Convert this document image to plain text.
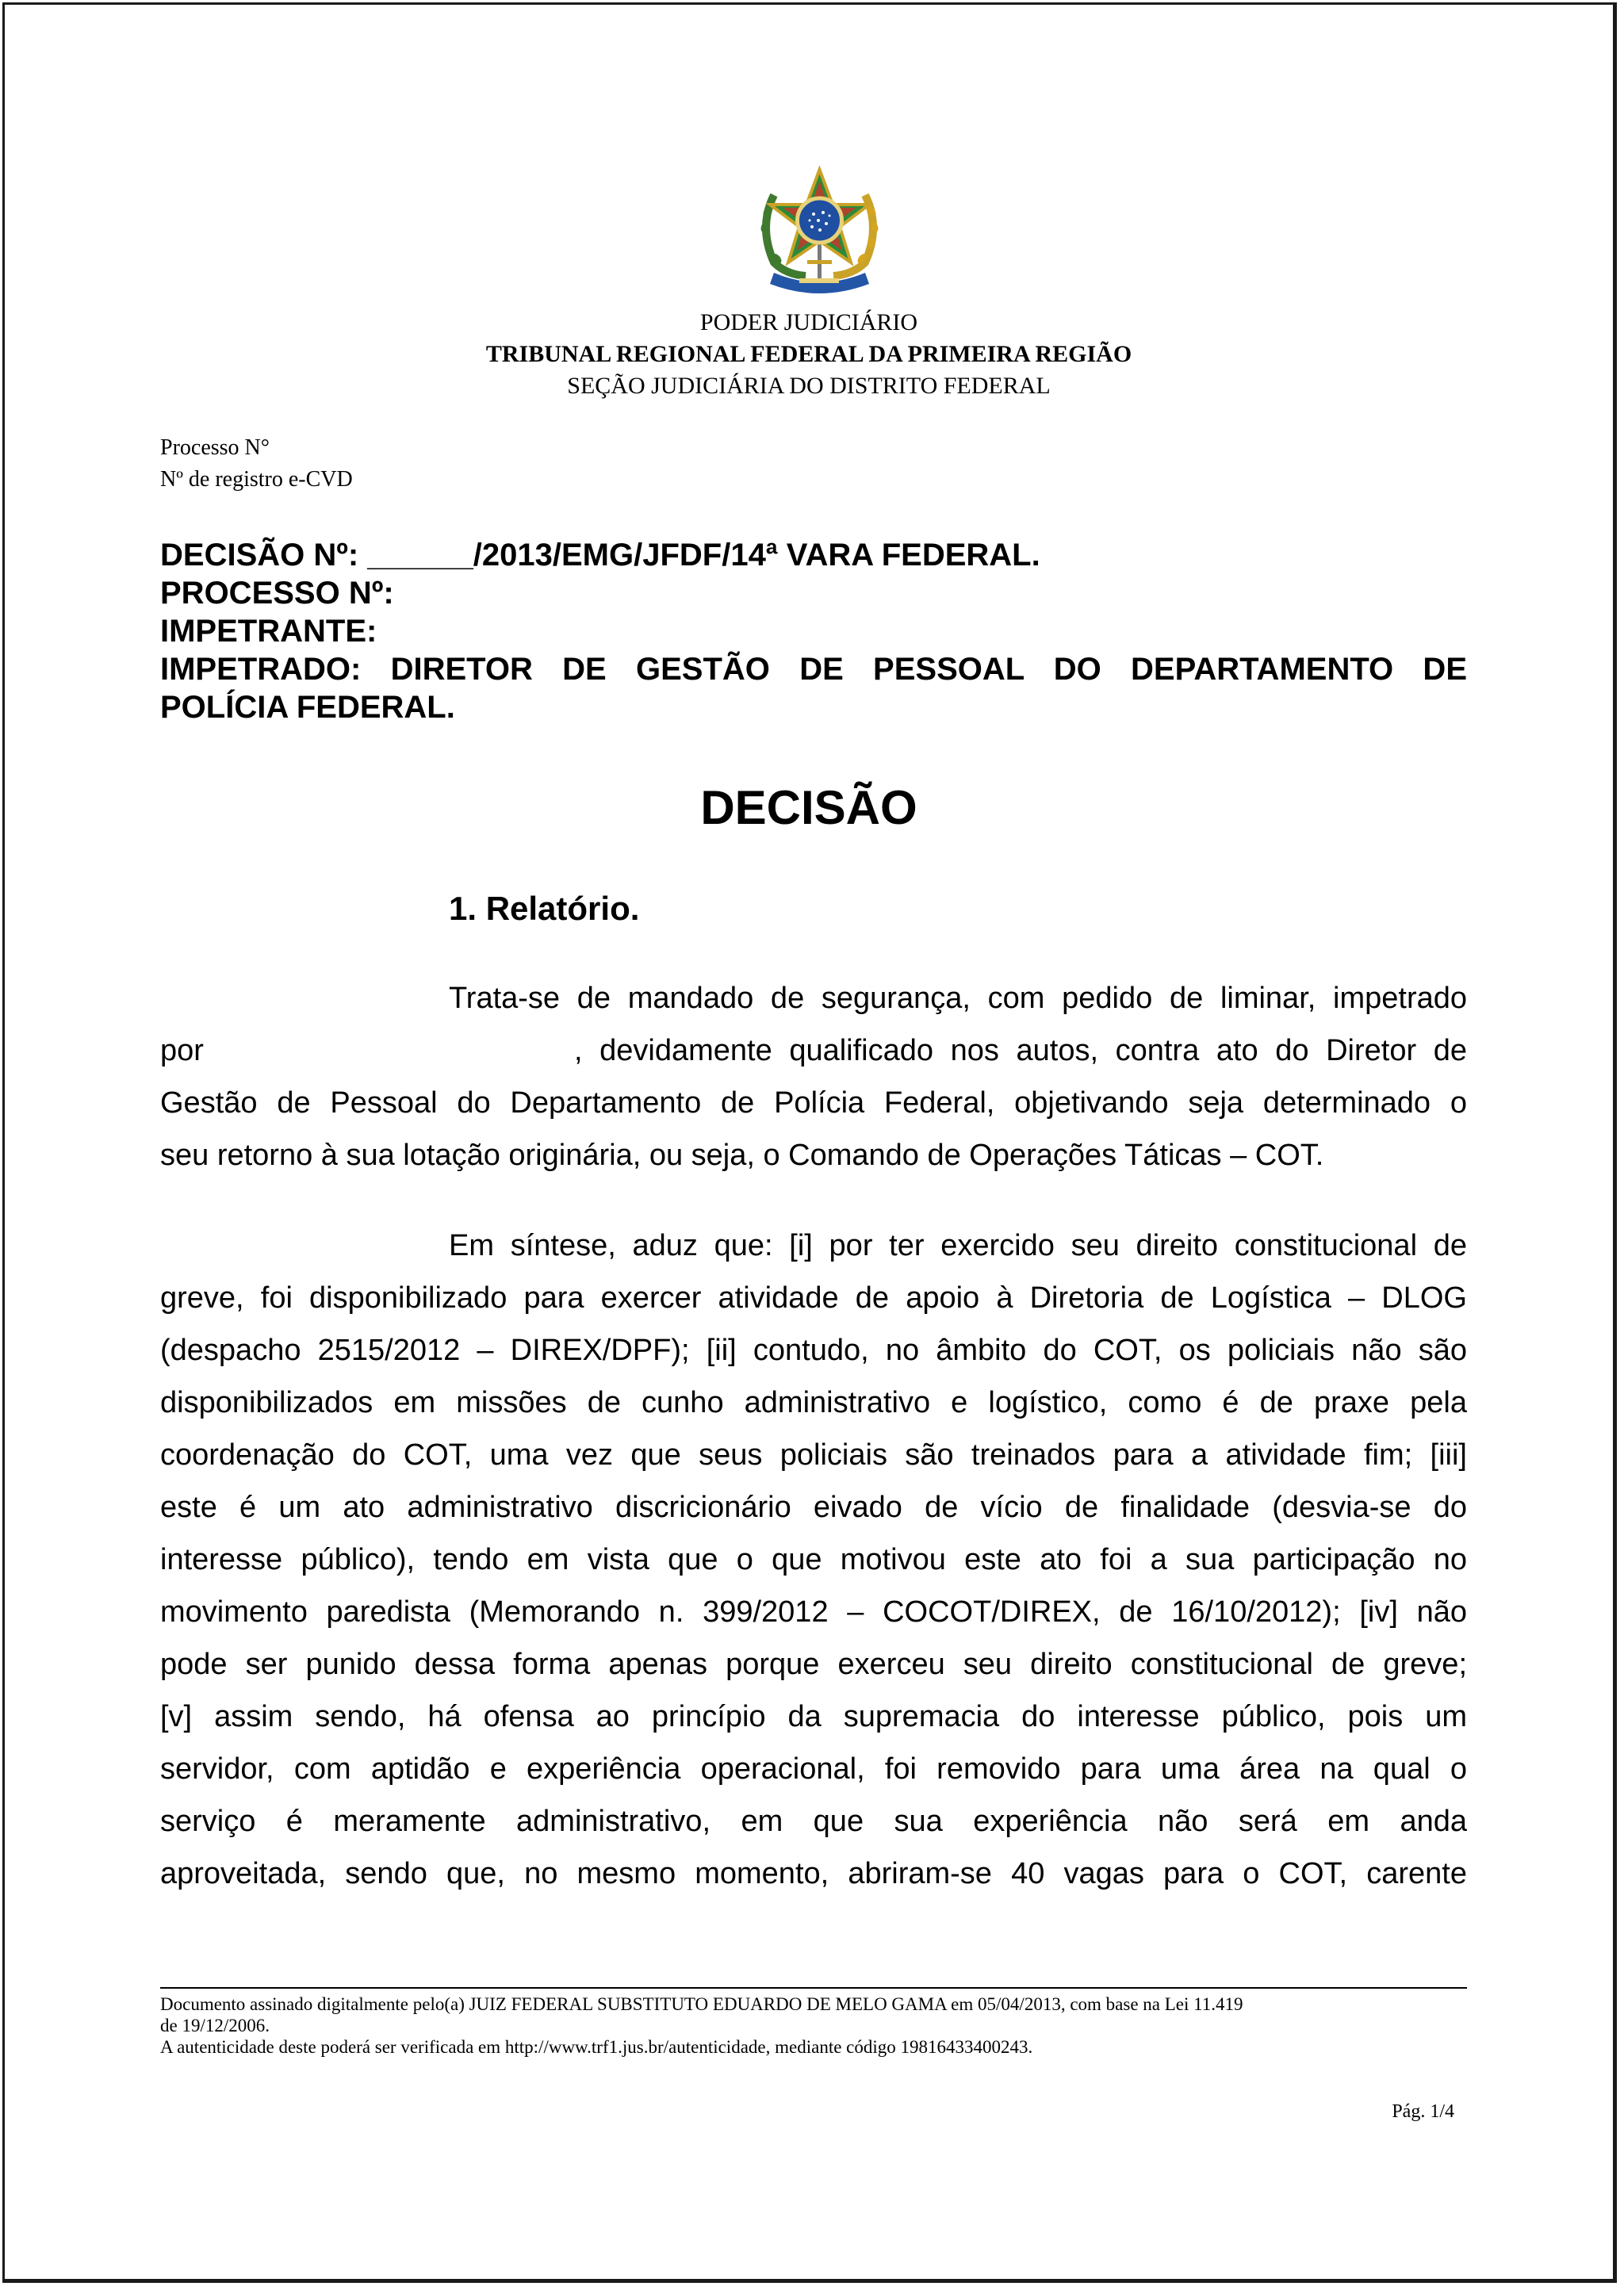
PODER JUDICIÁRIO
TRIBUNAL REGIONAL FEDERAL DA PRIMEIRA REGIÃO
SEÇÃO JUDICIÁRIA DO DISTRITO FEDERAL
Processo N°
Nº de registro e-CVD
DECISÃO Nº: ______/2013/EMG/JFDF/14ª VARA FEDERAL.
PROCESSO Nº:
IMPETRANTE:
IMPETRADO: DIRETOR DE GESTÃO DE PESSOAL DO DEPARTAMENTO DE
POLÍCIA FEDERAL.
DECISÃO
1. Relatório.
Trata-se de mandado de segurança, com pedido de liminar, impetrado
por	, devidamente qualificado nos autos, contra ato do Diretor de
Gestão de Pessoal do Departamento de Polícia Federal, objetivando seja determinado o
seu retorno à sua lotação originária, ou seja, o Comando de Operações Táticas – COT.
Em síntese, aduz que: [i] por ter exercido seu direito constitucional de
greve, foi disponibilizado para exercer atividade de apoio à Diretoria de Logística – DLOG
(despacho 2515/2012 – DIREX/DPF); [ii] contudo, no âmbito do COT, os policiais não são
disponibilizados em missões de cunho administrativo e logístico, como é de praxe pela
coordenação do COT, uma vez que seus policiais são treinados para a atividade fim; [iii]
este é um ato administrativo discricionário eivado de vício de finalidade (desvia-se do
interesse público), tendo em vista que o que motivou este ato foi a sua participação no
movimento paredista (Memorando n. 399/2012 – COCOT/DIREX, de 16/10/2012); [iv] não
pode ser punido dessa forma apenas porque exerceu seu direito constitucional de greve;
[v] assim sendo, há ofensa ao princípio da supremacia do interesse público, pois um
servidor, com aptidão e experiência operacional, foi removido para uma área na qual o
serviço é meramente administrativo, em que sua experiência não será em anda
aproveitada, sendo que, no mesmo momento, abriram-se 40 vagas para o COT, carente
Documento assinado digitalmente pelo(a) JUIZ FEDERAL SUBSTITUTO EDUARDO DE MELO GAMA em 05/04/2013, com base na Lei 11.419
de 19/12/2006.
A autenticidade deste poderá ser verificada em http://www.trf1.jus.br/autenticidade, mediante código 19816433400243.
Pág. 1/4
